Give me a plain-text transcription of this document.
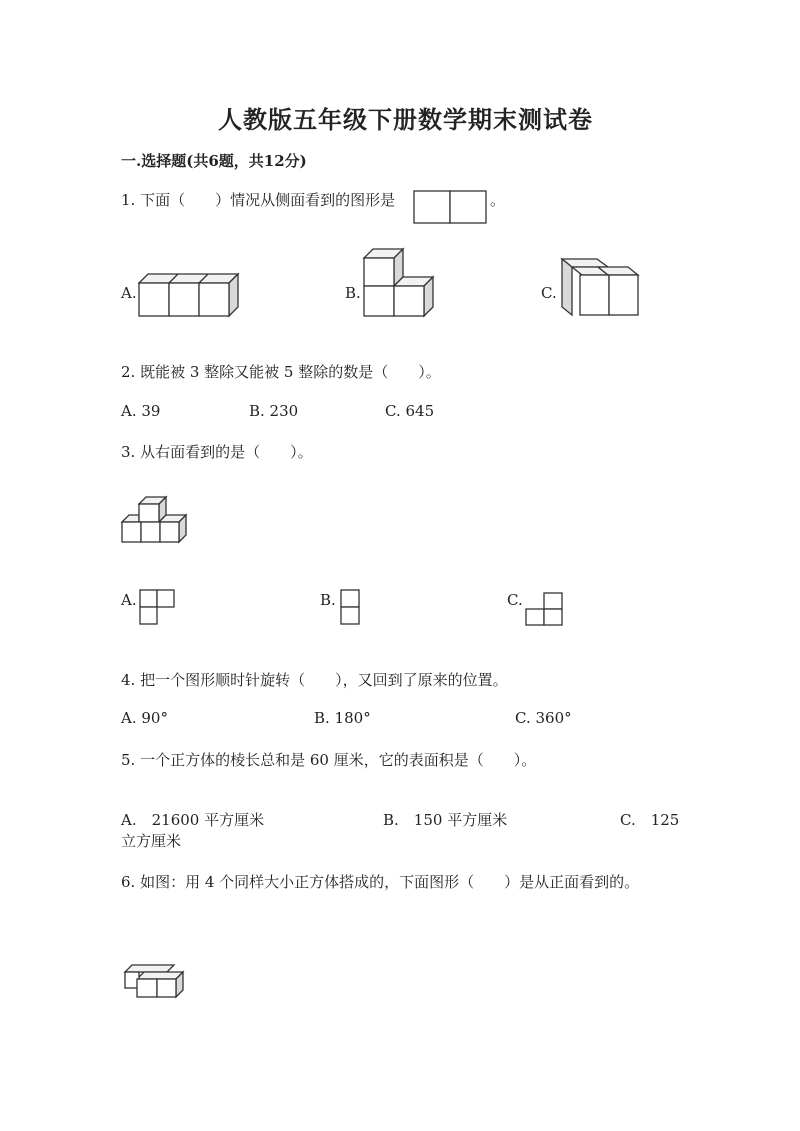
人教版五年级下册数学期末测试卷
一.选择题(共6题，共12分)
1. 下面（　　）情况从侧面看到的图形是	。
A.	B.	C.
2. 既能被 3 整除又能被 5 整除的数是（　　）。
A. 39	B. 230	C. 645
3. 从右面看到的是（　　）。
A.	B.	C.
4. 把一个图形顺时针旋转（　　），又回到了原来的位置。
A. 90°	B. 180°	C. 360°
5. 一个正方体的棱长总和是 60 厘米，它的表面积是（　　）。
A.　21600 平方厘米	B.　150 平方厘米	C.　125
立方厘米
6. 如图：用 4 个同样大小正方体搭成的，下面图形（　　）是从正面看到的。
